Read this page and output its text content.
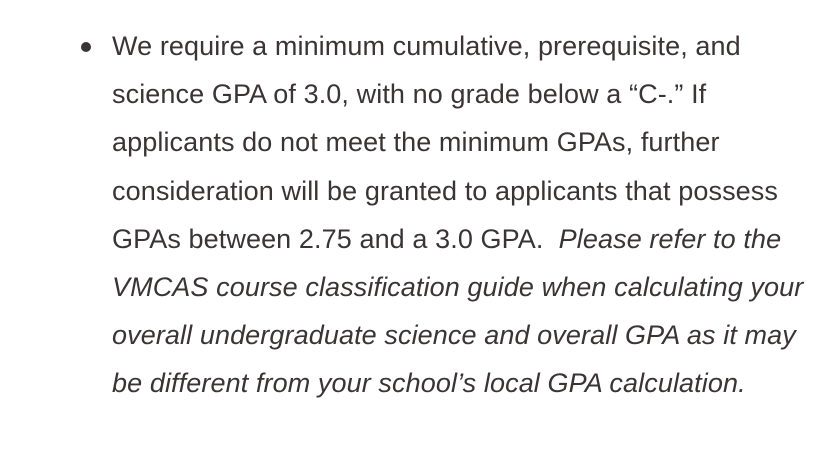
We require a minimum cumulative, prerequisite, and science GPA of 3.0, with no grade below a “C-.” If applicants do not meet the minimum GPAs, further consideration will be granted to applicants that possess GPAs between 2.75 and a 3.0 GPA.  Please refer to the VMCAS course classification guide when calculating your overall undergraduate science and overall GPA as it may be different from your school’s local GPA calculation.
